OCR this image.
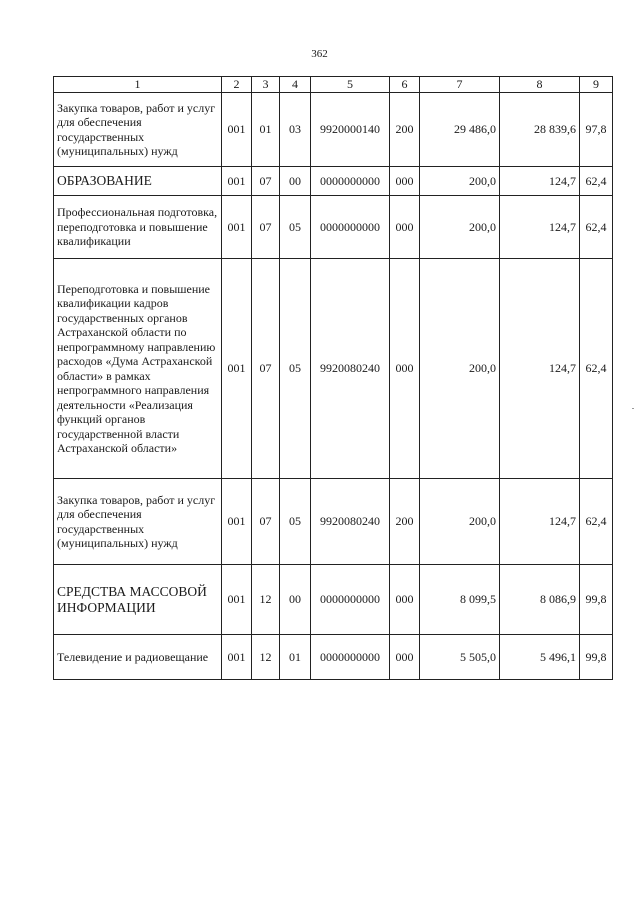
362
1	2	3	4	5	6	7	8	9
Закупка товаров, работ и услуг для обеспечения государственных (муниципальных) нужд	001	01	03	9920000140	200	29 486,0	28 839,6	97,8
ОБРАЗОВАНИЕ	001	07	00	0000000000	000	200,0	124,7	62,4
Профессиональная подготовка, переподготовка и повышение квалификации	001	07	05	0000000000	000	200,0	124,7	62,4
Переподготовка и повышение квалификации кадров государственных органов Астраханской области по непрограммному направлению расходов «Дума Астраханской области» в рамках непрограммного направления деятельности «Реализация функций органов государственной власти Астраханской области»	001	07	05	9920080240	000	200,0	124,7	62,4
Закупка товаров, работ и услуг для обеспечения государственных (муниципальных) нужд	001	07	05	9920080240	200	200,0	124,7	62,4
СРЕДСТВА МАССОВОЙ ИНФОРМАЦИИ	001	12	00	0000000000	000	8 099,5	8 086,9	99,8
Телевидение и радиовещание	001	12	01	0000000000	000	5 505,0	5 496,1	99,8
